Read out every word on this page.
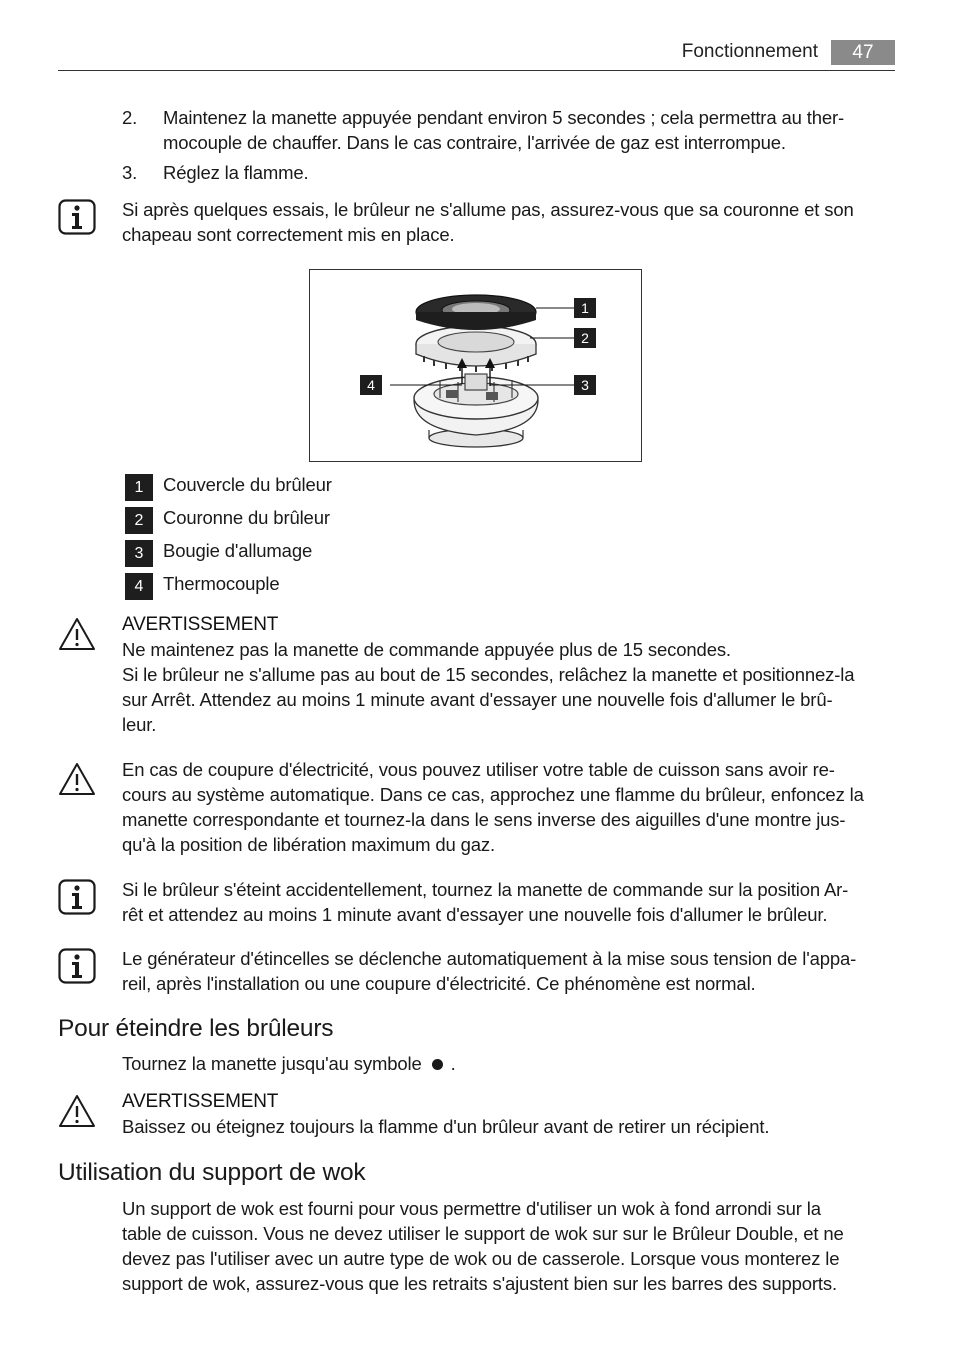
Fonctionnement	47
2.	Maintenez la manette appuyée pendant environ 5 secondes ; cela permettra au ther-
mocouple de chauffer. Dans le cas contraire, l'arrivée de gaz est interrompue.
3.	Réglez la flamme.
Si après quelques essais, le brûleur ne s'allume pas, assurez-vous que sa couronne et son
chapeau sont correctement mis en place.
1
2
3
4
1	Couvercle du brûleur
2	Couronne du brûleur
3	Bougie d'allumage
4	Thermocouple
AVERTISSEMENT
Ne maintenez pas la manette de commande appuyée plus de 15 secondes.
Si le brûleur ne s'allume pas au bout de 15 secondes, relâchez la manette et positionnez-la
sur Arrêt. Attendez au moins 1 minute avant d'essayer une nouvelle fois d'allumer le brû-
leur.
En cas de coupure d'électricité, vous pouvez utiliser votre table de cuisson sans avoir re-
cours au système automatique. Dans ce cas, approchez une flamme du brûleur, enfoncez la
manette correspondante et tournez-la dans le sens inverse des aiguilles d'une montre jus-
qu'à la position de libération maximum du gaz.
Si le brûleur s'éteint accidentellement, tournez la manette de commande sur la position Ar-
rêt et attendez au moins 1 minute avant d'essayer une nouvelle fois d'allumer le brûleur.
Le générateur d'étincelles se déclenche automatiquement à la mise sous tension de l'appa-
reil, après l'installation ou une coupure d'électricité. Ce phénomène est normal.
Pour éteindre les brûleurs
Tournez la manette jusqu'au symbole .
AVERTISSEMENT
Baissez ou éteignez toujours la flamme d'un brûleur avant de retirer un récipient.
Utilisation du support de wok
Un support de wok est fourni pour vous permettre d'utiliser un wok à fond arrondi sur la
table de cuisson. Vous ne devez utiliser le support de wok sur sur le Brûleur Double, et ne
devez pas l'utiliser avec un autre type de wok ou de casserole. Lorsque vous monterez le
support de wok, assurez-vous que les retraits s'ajustent bien sur les barres des supports.
